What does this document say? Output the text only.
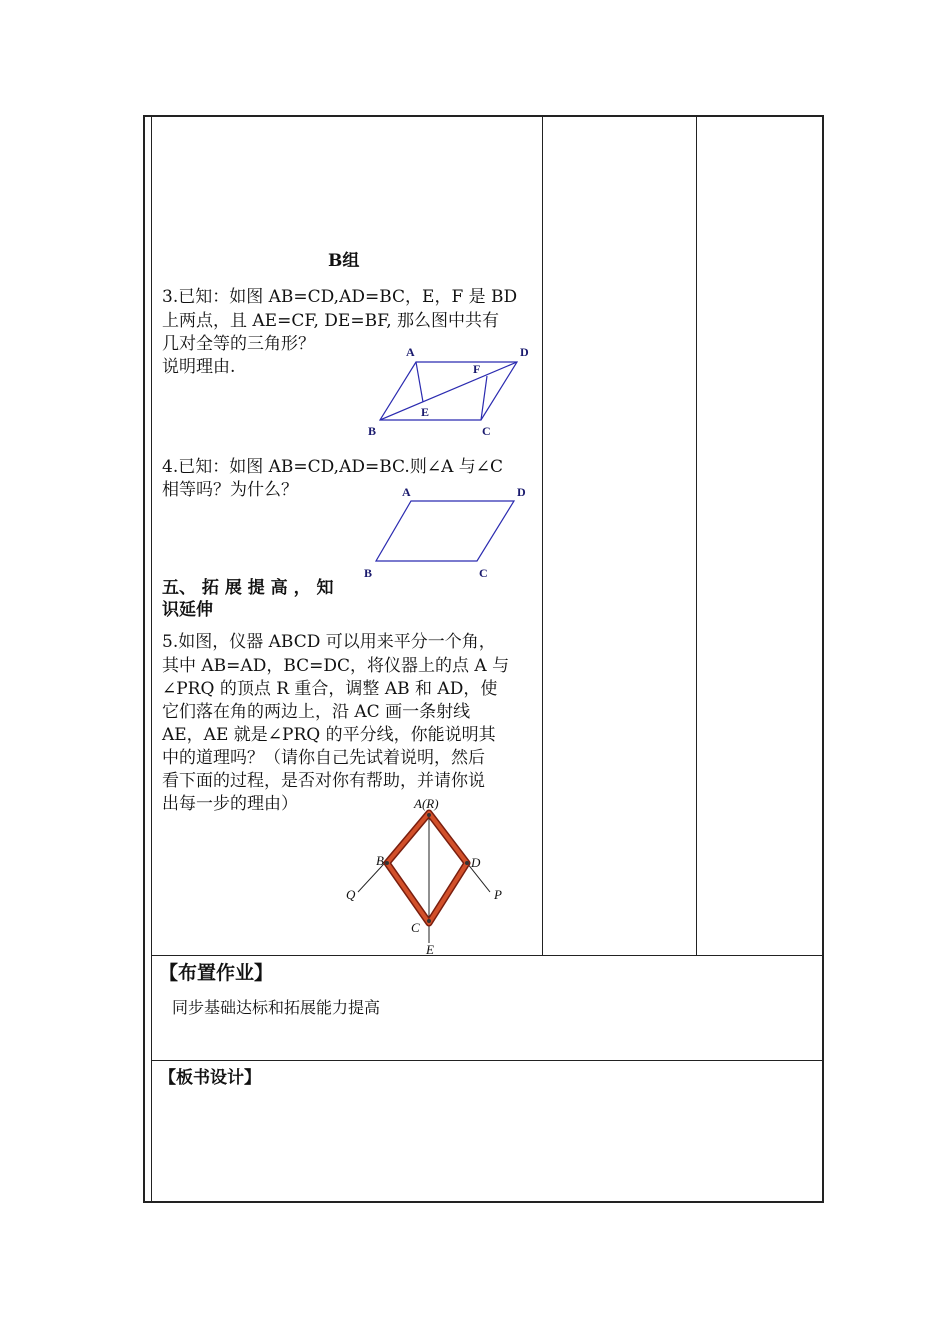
B组
3.已知：如图 AB=CD,AD=BC，E，F 是 BD
上两点，且 AE=CF, DE=BF, 那么图中共有
几对全等的三角形？
说明理由.
A	D
F
E
B	C
4.已知：如图 AB=CD,AD=BC.则∠A 与∠C
相等吗？为什么？	A	D
B	C
五、 拓 展 提 高 ， 知
识延伸
5.如图，仪器 ABCD 可以用来平分一个角，
其中 AB=AD，BC=DC，将仪器上的点 A 与
∠PRQ 的顶点 R 重合，调整 AB 和 AD，使
它们落在角的两边上，沿 AC 画一条射线
AE，AE 就是∠PRQ 的平分线，你能说明其
中的道理吗？（请你自己先试着说明，然后
看下面的过程，是否对你有帮助，并请你说
出每一步的理由）	A(R)
B	D
Q	P
C
E
【布置作业】
同步基础达标和拓展能力提高
【板书设计】
